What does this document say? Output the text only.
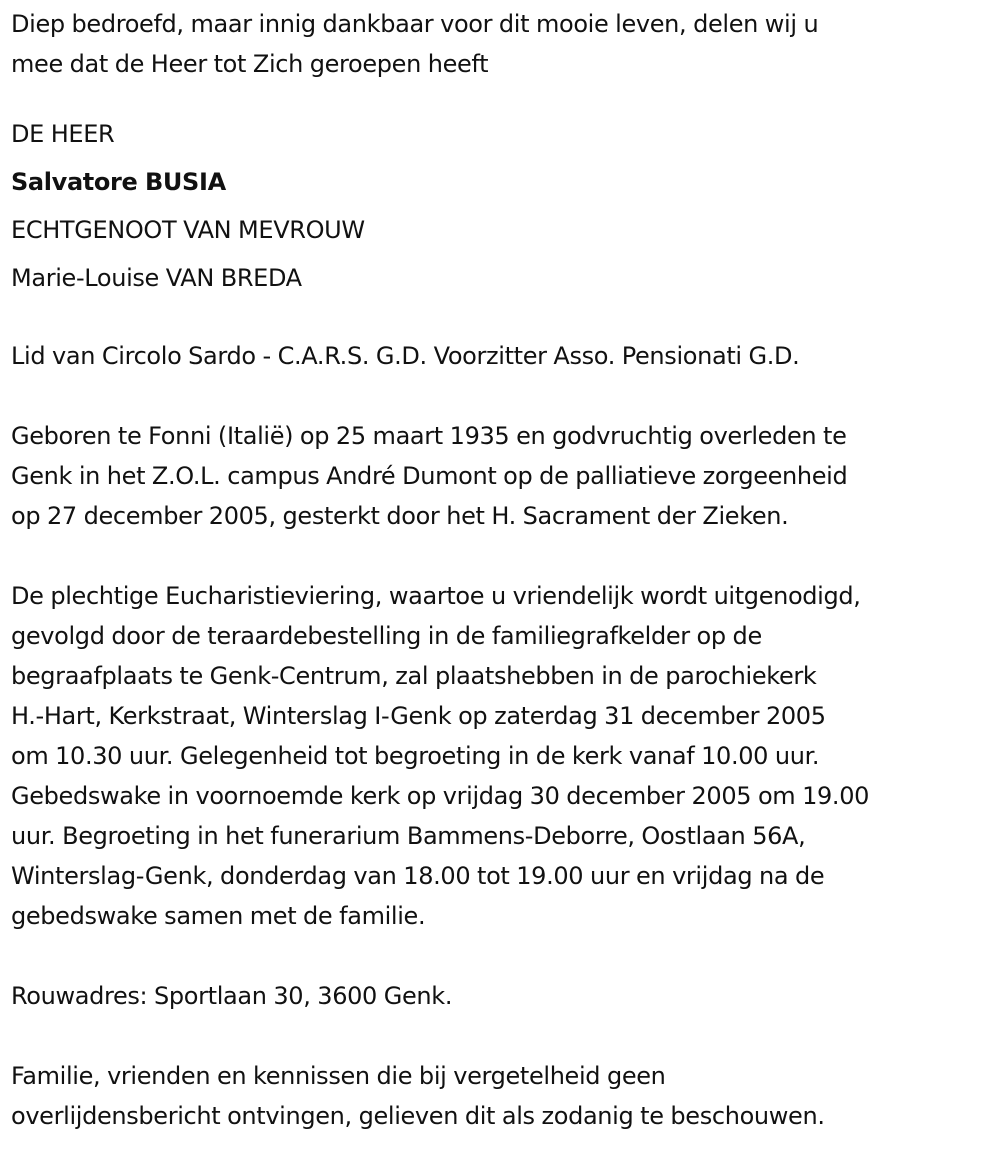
Diep bedroefd, maar innig dankbaar voor dit mooie leven, delen wij u
mee dat de Heer tot Zich geroepen heeft

DE HEER
Salvatore BUSIA
ECHTGENOOT VAN MEVROUW
Marie-Louise VAN BREDA

Lid van Circolo Sardo - C.A.R.S. G.D. Voorzitter Asso. Pensionati G.D.

Geboren te Fonni (Italië) op 25 maart 1935 en godvruchtig overleden te
Genk in het Z.O.L. campus André Dumont op de palliatieve zorgeenheid
op 27 december 2005, gesterkt door het H. Sacrament der Zieken.

De plechtige Eucharistieviering, waartoe u vriendelijk wordt uitgenodigd,
gevolgd door de teraardebestelling in de familiegrafkelder op de
begraafplaats te Genk-Centrum, zal plaatshebben in de parochiekerk
H.-Hart, Kerkstraat, Winterslag I-Genk op zaterdag 31 december 2005
om 10.30 uur. Gelegenheid tot begroeting in de kerk vanaf 10.00 uur.
Gebedswake in voornoemde kerk op vrijdag 30 december 2005 om 19.00
uur. Begroeting in het funerarium Bammens-Deborre, Oostlaan 56A,
Winterslag-Genk, donderdag van 18.00 tot 19.00 uur en vrijdag na de
gebedswake samen met de familie.

Rouwadres: Sportlaan 30, 3600 Genk.

Familie, vrienden en kennissen die bij vergetelheid geen
overlijdensbericht ontvingen, gelieven dit als zodanig te beschouwen.
